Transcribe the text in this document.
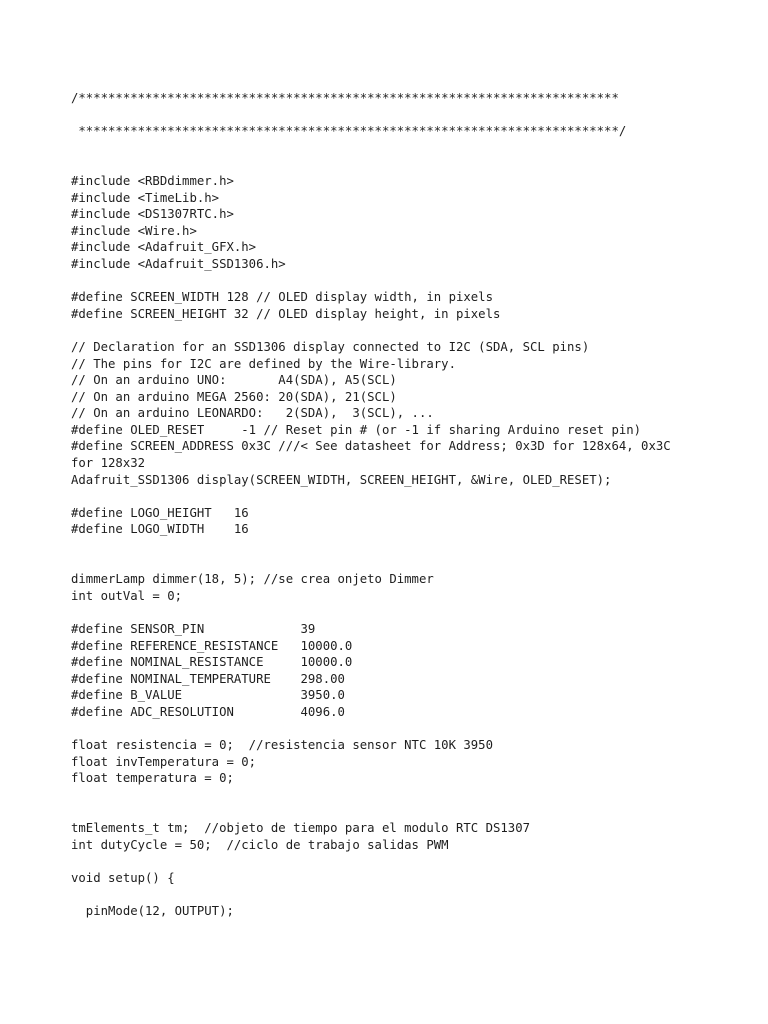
/*************************************************************************
*************************************************************************/
#include <RBDdimmer.h>
#include <TimeLib.h>
#include <DS1307RTC.h>
#include <Wire.h>
#include <Adafruit_GFX.h>
#include <Adafruit_SSD1306.h>
#define SCREEN_WIDTH 128 // OLED display width, in pixels
#define SCREEN_HEIGHT 32 // OLED display height, in pixels
// Declaration for an SSD1306 display connected to I2C (SDA, SCL pins)
// The pins for I2C are defined by the Wire-library.
// On an arduino UNO:       A4(SDA), A5(SCL)
// On an arduino MEGA 2560: 20(SDA), 21(SCL)
// On an arduino LEONARDO:   2(SDA),  3(SCL), ...
#define OLED_RESET     -1 // Reset pin # (or -1 if sharing Arduino reset pin)
#define SCREEN_ADDRESS 0x3C ///< See datasheet for Address; 0x3D for 128x64, 0x3C
for 128x32
Adafruit_SSD1306 display(SCREEN_WIDTH, SCREEN_HEIGHT, &Wire, OLED_RESET);
#define LOGO_HEIGHT   16
#define LOGO_WIDTH    16
dimmerLamp dimmer(18, 5); //se crea onjeto Dimmer
int outVal = 0;
#define SENSOR_PIN             39
#define REFERENCE_RESISTANCE   10000.0
#define NOMINAL_RESISTANCE     10000.0
#define NOMINAL_TEMPERATURE    298.00
#define B_VALUE                3950.0
#define ADC_RESOLUTION         4096.0
float resistencia = 0;  //resistencia sensor NTC 10K 3950
float invTemperatura = 0;
float temperatura = 0;
tmElements_t tm;  //objeto de tiempo para el modulo RTC DS1307
int dutyCycle = 50;  //ciclo de trabajo salidas PWM
void setup() {
pinMode(12, OUTPUT);
